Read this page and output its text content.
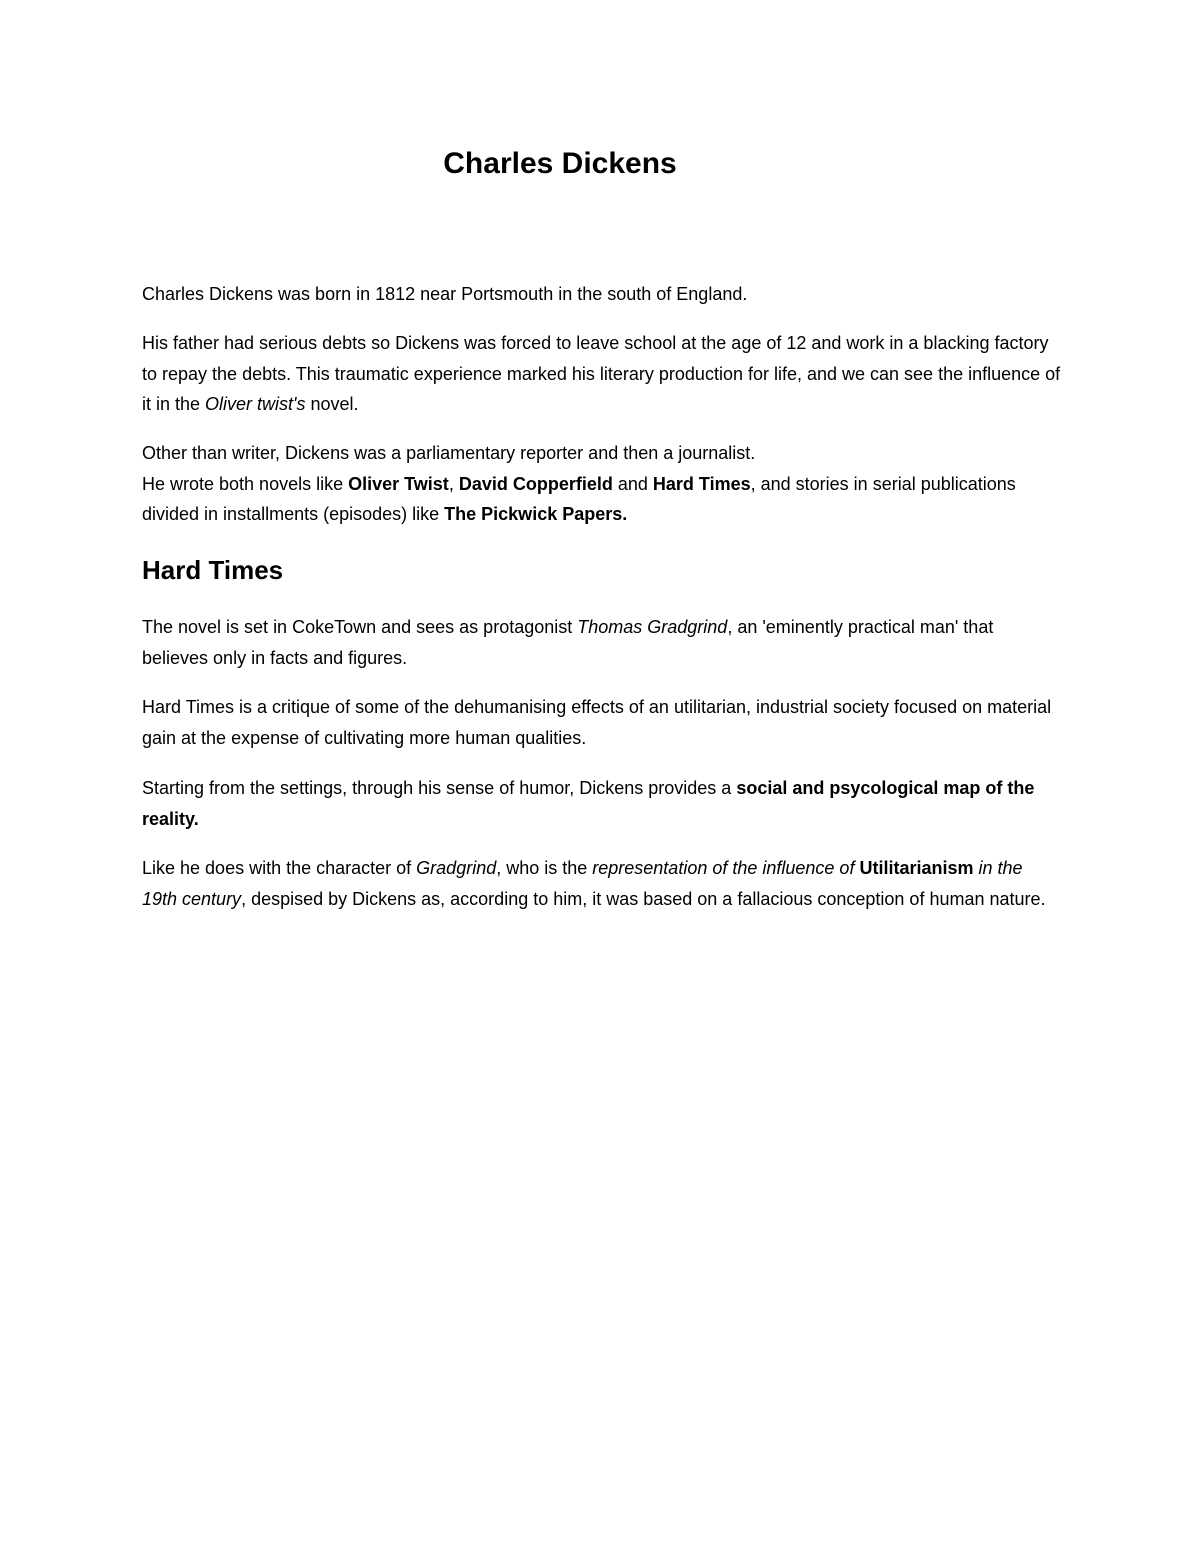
Charles Dickens

Charles Dickens was born in 1812 near Portsmouth in the south of England.

His father had serious debts so Dickens was forced to leave school at the age of 12 and work in a blacking factory to repay the debts. This traumatic experience marked his literary production for life, and we can see the influence of it in the Oliver twist's novel.

Other than writer, Dickens was a parliamentary reporter and then a journalist.
He wrote both novels like Oliver Twist, David Copperfield and Hard Times, and stories in serial publications divided in installments (episodes) like The Pickwick Papers.

Hard Times

The novel is set in CokeTown and sees as protagonist Thomas Gradgrind, an 'eminently practical man' that believes only in facts and figures.

Hard Times is a critique of some of the dehumanising effects of an utilitarian, industrial society focused on material gain at the expense of cultivating more human qualities.

Starting from the settings, through his sense of humor, Dickens provides a social and psycological map of the reality.

Like he does with the character of Gradgrind, who is the representation of the influence of Utilitarianism in the 19th century, despised by Dickens as, according to him, it was based on a fallacious conception of human nature.
